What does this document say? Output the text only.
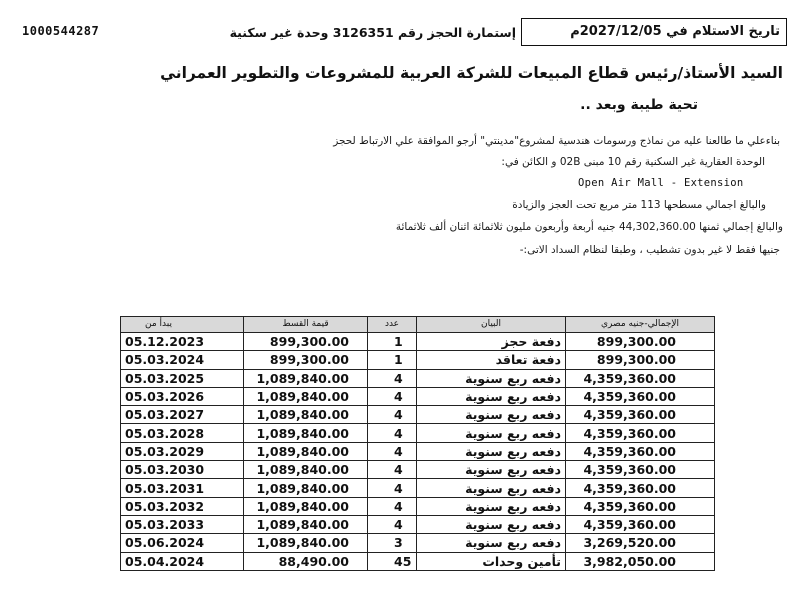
1000544287	إستمارة الحجز رقم 3126351 وحدة غير سكنية	تاريخ الاستلام في 2027/12/05م
السيد الأستاذ/رئيس قطاع المبيعات للشركة العربية للمشروعات والتطوير العمراني
تحية طيبة وبعد ..
بناءعلي ما طالعنا عليه من نماذج ورسومات هندسية لمشروع"مدينتي" أرجو الموافقة علي الارتباط لحجز
الوحدة العقارية غير السكنية رقم 10 مبنى 02B و الكائن في:
Open Air Mall - Extension
والبالغ اجمالي مسطحها 113 متر مربع تحت العجز والزيادة
والبالغ إجمالي ثمنها 44,302,360.00 جنيه أربعة وأربعون مليون ثلاثمائة اثنان ألف ثلاثمائة
جنيها فقط لا غير بدون تشطيب ، وطبقا لنظام السداد الاتى:-
يبدأ من	قيمة القسط	عدد	البيان	الإجمالي-جنيه مصري
05.12.2023	899,300.00	1	دفعة حجز	899,300.00
05.03.2024	899,300.00	1	دفعة تعاقد	899,300.00
05.03.2025	1,089,840.00	4	دفعه ربع سنوية	4,359,360.00
05.03.2026	1,089,840.00	4	دفعه ربع سنوية	4,359,360.00
05.03.2027	1,089,840.00	4	دفعه ربع سنوية	4,359,360.00
05.03.2028	1,089,840.00	4	دفعه ربع سنوية	4,359,360.00
05.03.2029	1,089,840.00	4	دفعه ربع سنوية	4,359,360.00
05.03.2030	1,089,840.00	4	دفعه ربع سنوية	4,359,360.00
05.03.2031	1,089,840.00	4	دفعه ربع سنوية	4,359,360.00
05.03.2032	1,089,840.00	4	دفعه ربع سنوية	4,359,360.00
05.03.2033	1,089,840.00	4	دفعه ربع سنوية	4,359,360.00
05.06.2024	1,089,840.00	3	دفعه ربع سنوية	3,269,520.00
05.04.2024	88,490.00	45	تأمين وحدات	3,982,050.00
